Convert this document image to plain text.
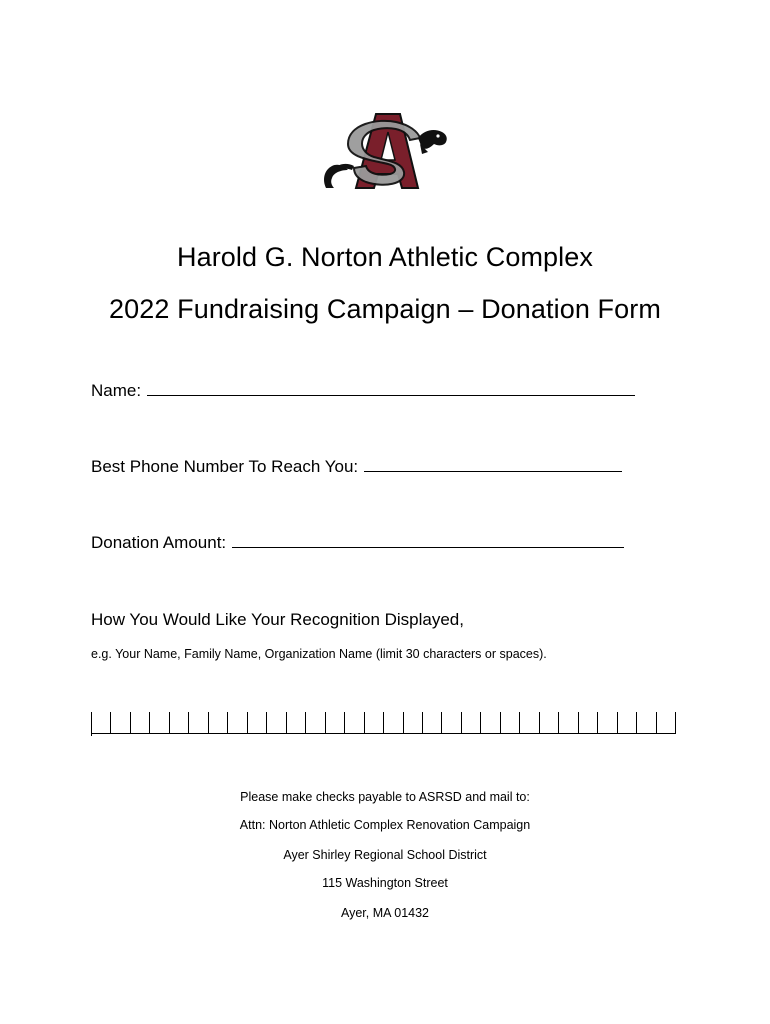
Harold G. Norton Athletic Complex
2022 Fundraising Campaign – Donation Form
Name:
Best Phone Number To Reach You:
Donation Amount:
How You Would Like Your Recognition Displayed,
e.g. Your Name, Family Name, Organization Name (limit 30 characters or spaces).
Please make checks payable to ASRSD and mail to:
Attn: Norton Athletic Complex Renovation Campaign
Ayer Shirley Regional School District
115 Washington Street
Ayer, MA 01432
